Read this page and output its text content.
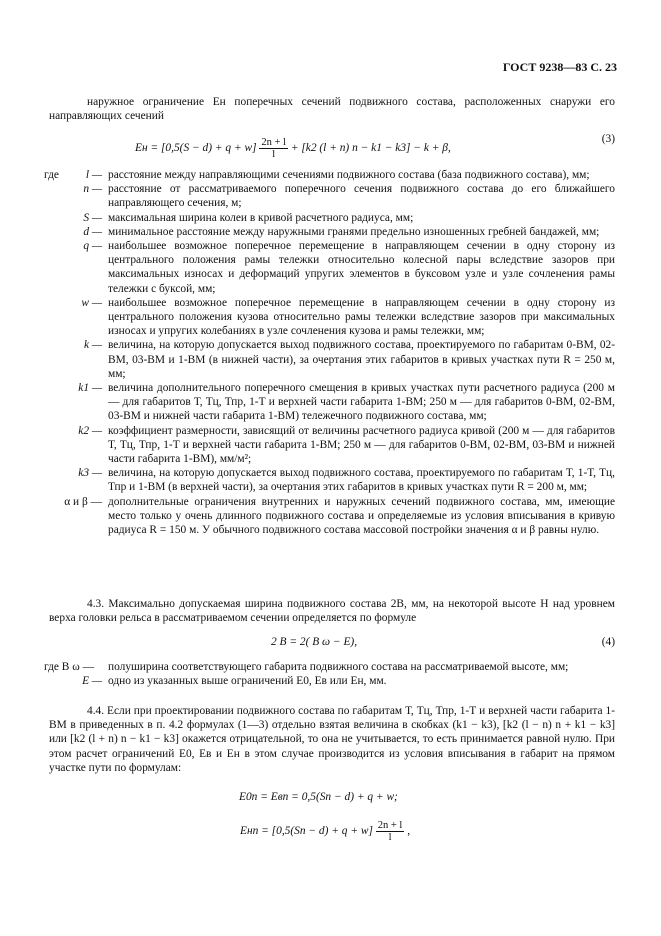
ГОСТ 9238—83 С. 23
наружное ограничение Eн поперечных сечений подвижного состава, расположенных снаружи его направляющих сечений
Eн = $[0,5(S - d) + q + w] \frac{2n + l}{l} + [k2$ (l + n) n − k1 − k3] − k + β,
(3)
где	l — расстояние между направляющими сечениями подвижного состава (база подвижного состава), мм;
n — расстояние от рассматриваемого поперечного сечения подвижного состава до его ближайшего направляющего сечения, м;
S — максимальная ширина колеи в кривой расчетного радиуса, мм;
d — минимальное расстояние между наружными гранями предельно изношенных гребней бандажей, мм;
q — наибольшее возможное поперечное перемещение в направляющем сечении в одну сторону из центрального положения рамы тележки относительно колесной пары вследствие зазоров при максимальных износах и деформаций упругих элементов в буксовом узле и узле сочленения рамы тележки с буксой, мм;
w — наибольшее возможное поперечное перемещение в направляющем сечении в одну сторону из центрального положения кузова относительно рамы тележки вследствие зазоров при максимальных износах и упругих колебаниях в узле сочленения кузова и рамы тележки, мм;
k — величина, на которую допускается выход подвижного состава, проектируемого по габаритам 0-ВМ, 02-ВМ, 03-ВМ и 1-ВМ (в нижней части), за очертания этих габаритов в кривых участках пути R = 250 м, мм;
k1 — величина дополнительного поперечного смещения в кривых участках пути расчетного радиуса (200 м — для габаритов Т, Тц, Тпр, 1-Т и верхней части габарита 1-ВМ; 250 м — для габаритов 0-ВМ, 02-ВМ, 03-ВМ и нижней части габарита 1-ВМ) тележечного подвижного состава, мм;
k2 — коэффициент размерности, зависящий от величины расчетного радиуса кривой (200 м — для габаритов Т, Тц, Тпр, 1-Т и верхней части габарита 1-ВМ; 250 м — для габаритов 0-ВМ, 02-ВМ, 03-ВМ и нижней части габарита 1-ВМ), мм/м²;
k3 — величина, на которую допускается выход подвижного состава, проектируемого по габаритам Т, 1-Т, Тц, Тпр и 1-ВМ (в верхней части), за очертания этих габаритов в кривых участках пути R = 200 м, мм;
α и β — дополнительные ограничения внутренних и наружных сечений подвижного состава, мм, имеющие место только у очень длинного подвижного состава и определяемые из условия вписывания в кривую радиуса R = 150 м. У обычного подвижного состава массовой постройки значения α и β равны нулю.
4.3. Максимально допускаемая ширина подвижного состава 2B, мм, на некоторой высоте H над уровнем верха головки рельса в рассматриваемом сечении определяется по формуле
2 B = 2( B ω − E),	(4)
где B ω —	полуширина соответствующего габарита подвижного состава на рассматриваемой высоте, мм;
E — одно из указанных выше ограничений E0, Eв или Eн, мм.
4.4. Если при проектировании подвижного состава по габаритам Т, Тц, Тпр, 1-Т и верхней части габарита 1-ВМ в приведенных в п. 4.2 формулах (1—3) отдельно взятая величина в скобках (k1 − k3), [k2 (l − n) n + k1 − k3] или [k2 (l + n) n − k1 − k3] окажется отрицательной, то она не учитывается, то есть принимается равной нулю. При этом расчет ограничений E0, Eв и Eн в этом случае производится из условия вписывания в габарит на прямом участке пути по формулам:
E0п = Eвп = 0,5(Sп − d) + q + w;
Eнп = $[0,5(Sп - d) + q + w] \frac{2n + l}{l}$ ,
